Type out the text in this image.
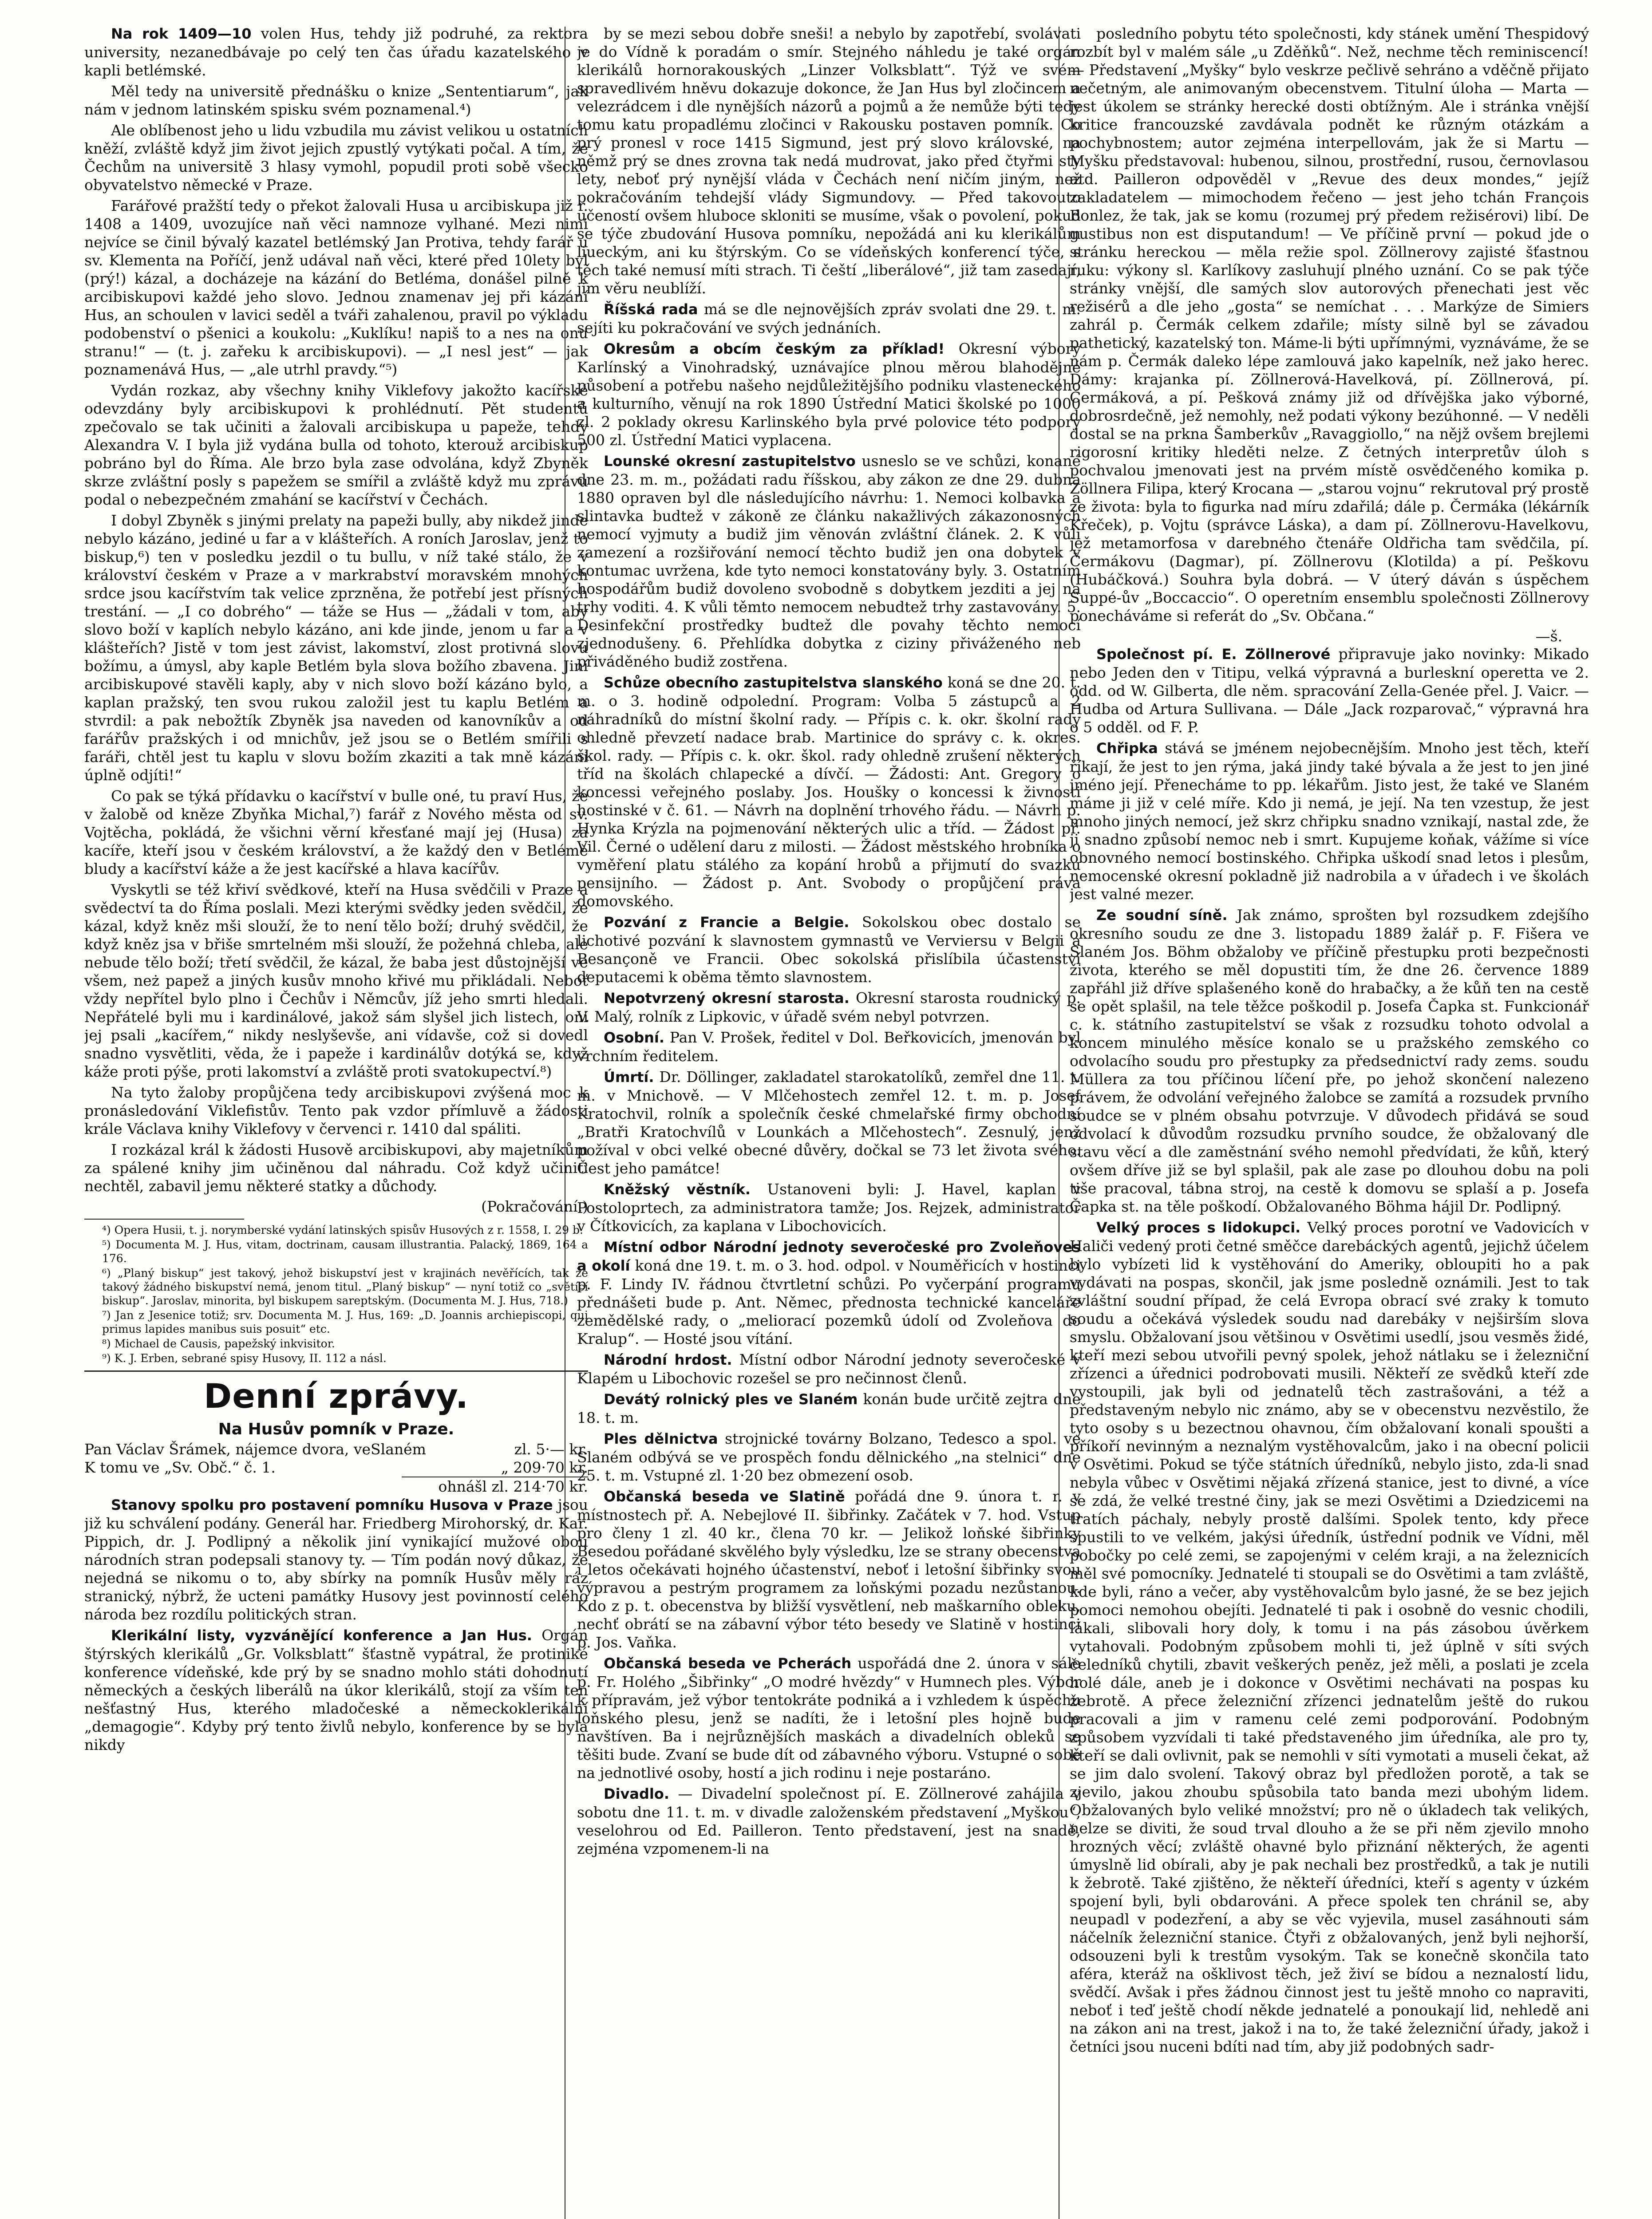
Na rok 1409—10 volen Hus, tehdy již podruhé, za rektora university, nezanedbávaje po celý ten čas úřadu kazatelského v kapli betlémské.

Měl tedy na universitě přednášku o knize „Sententiarum“, jak nám v jednom latinském spisku svém poznamenal.⁴)

Ale oblíbenost jeho u lidu vzbudila mu závist velikou u ostatních kněží, zvláště když jim život jejich zpustlý vytýkati počal. A tím, že Čechům na universitě 3 hlasy vymohl, popudil proti sobě všecko obyvatelstvo německé v Praze.

Farářové pražští tedy o překot žalovali Husa u arcibiskupa již r. 1408 a 1409, uvozujíce naň věci namnoze vylhané. Mezi nimi nejvíce se činil bývalý kazatel betlémský Jan Protiva, tehdy farář u sv. Klementa na Poříčí, jenž udával naň věci, které před 10lety byl (prý!) kázal, a docházeje na kázání do Betléma, donášel pilně k arcibiskupovi každé jeho slovo. Jednou znamenav jej při kázání Hus, an schoulen v lavici seděl a tváři zahalenou, pravil po výkladu podobenství o pšenici a koukolu: „Kuklíku! napiš to a nes na onu stranu!“ — (t. j. zařeku k arcibiskupovi). — „I nesl jest“ — jak poznamenává Hus, — „ale utrhl pravdy.“⁵)

Vydán rozkaz, aby všechny knihy Viklefovy jakožto kacířské odevzdány byly arcibiskupovi k prohlédnutí. Pět studentů zpečovalo se tak učiniti a žalovali arcibiskupa u papeže, tehdy Alexandra V. I byla již vydána bulla od tohoto, kterouž arcibiskup pobráno byl do Říma. Ale brzo byla zase odvolána, když Zbyněk skrze zvláštní posly s papežem se smířil a zvláště když mu zprávu podal o nebezpečném zmahání se kacířství v Čechách.

I dobyl Zbyněk s jinými prelaty na papeži bully, aby nikdež jinde nebylo kázáno, jediné u far a v klášteřích. A roních Jaroslav, jenž to biskup,⁶) ten v posledku jezdil o tu bullu, v níž také stálo, že v království českém v Praze a v markrabství moravském mnohých srdce jsou kacířstvím tak velice zprzněna, že potřebí jest přísných trestání. — „I co dobrého“ — táže se Hus — „žádali v tom, aby slovo boží v kaplích nebylo kázáno, ani kde jinde, jenom u far a v klášteřích? Jistě v tom jest závist, lakomství, zlost protivná slovu božímu, a úmysl, aby kaple Betlém byla slova božího zbavena. Jiní arcibiskupové stavěli kaply, aby v nich slovo boží kázáno bylo, a kaplan pražský, ten svou rukou založil jest tu kaplu Betlém a stvrdil: a pak nebožtík Zbyněk jsa naveden od kanovníkův a od farářův pražských i od mnichův, jež jsou se o Betlém smířili s faráři, chtěl jest tu kaplu v slovu božím zkaziti a tak mně kázání úplně odjíti!“

Co pak se týká přídavku o kacířství v bulle oné, tu praví Hus, že v žalobě od kněze Zbyňka Michal,⁷) farář z Nového města od sv. Vojtěcha, pokládá, že všichni věrní křesťané mají jej (Husa) za kacíře, kteří jsou v českém království, a že každý den v Betlémě bludy a kacířství káže a že jest kacířské a hlava kacířův.

Vyskytli se též křiví svědkové, kteří na Husa svědčili v Praze a svědectví ta do Říma poslali. Mezi kterými svědky jeden svědčil, že kázal, když kněz mši slouží, že to není tělo boží; druhý svědčil, že když kněz jsa v břiše smrtelném mši slouží, že požehná chleba, ale nebude tělo boží; třetí svědčil, že kázal, že baba jest důstojnější ve všem, neż papež a jiných kusův mnoho křivé mu přikládali. Neboť vždy nepřítel bylo plno i Čechův i Němcův, jíž jeho smrti hledali. Nepřátelé byli mu i kardinálové, jakož sám slyšel jich listech, oni jej psali „kacířem,“ nikdy neslyševše, ani vídavše, což si dovedl snadno vysvětliti, věda, že i papeže i kardinálův dotýká se, když káže proti pýše, proti lakomství a zvláště proti svatokupectví.⁸)

Na tyto žaloby propůjčena tedy arcibiskupovi zvýšená moc k pronásledování Viklefistův. Tento pak vzdor přímluvě a žádosti krále Václava knihy Viklefovy v červenci r. 1410 dal spáliti.

I rozkázal král k žádosti Husově arcibiskupovi, aby majetníkům za spálené knihy jim učiněnou dal náhradu. Což když učiniti nechtěl, zabavil jemu některé statky a důchody.

(Pokračování.)

⁴) Opera Husii, t. j. norymberské vydání latinských spisův Husových z r. 1558, I. 29 b.

⁵) Documenta M. J. Hus, vitam, doctrinam, causam illustrantia. Palacký, 1869, 164 a 176.

⁶) „Planý biskup“ jest takový, jehož biskupství jest v krajinách nevěřících, tak že takový žádného biskupství nemá, jenom titul. „Planý biskup“ — nyní totiž co „světící biskup“. Jaroslav, minorita, byl biskupem sareptským. (Documenta M. J. Hus, 718.)

⁷) Jan z Jesenice totiž; srv. Documenta M. J. Hus, 169: „D. Joannis archiepiscopi, qui primus lapides manibus suis posuit“ etc.

⁸) Michael de Causis, papežský inkvisitor.

⁹) K. J. Erben, sebrané spisy Husovy, II. 112 a násl.

Denní zprávy.
Na Husův pomník v Praze.
Pan Václav Šrámek, nájemce dvora, veSlaném	zl. 5·— kr.
K tomu ve „Sv. Obč.“ č. 1.	„ 209·70 kr.
ohnášl zl. 214·70 kr.

Stanovy spolku pro postavení pomníku Husova v Praze jsou již ku schválení podány. Generál har. Friedberg Mirohorský, dr. Kar. Pippich, dr. J. Podlipný a několik jiní vynikající mužové obou národních stran podepsali stanovy ty. — Tím podán nový důkaz, že nejedná se nikomu o to, aby sbírky na pomník Husův měly ráz stranický, nýbrž, že ucteni památky Husovy jest povinností celého národa bez rozdílu politických stran.

Klerikální listy, vyzvánějící konference a Jan Hus. Orgán štýrských klerikálů „Gr. Volksblatt“ šťastně vypátral, že protiniké konference vídeňské, kde prý by se snadno mohlo státi dohodnutí německých a českých liberálů na úkor klerikálů, stojí za vším ten nešťastný Hus, kterého mladočeské a německoklerikální „demagogie“. Kdyby prý tento živlů nebylo, konference by se byla nikdy

by se mezi sebou dobře sneši! a nebylo by zapotřebí, svolávati je do Vídně k poradám o smír. Stejného náhledu je také orgán klerikálů hornorakouských „Linzer Volksblatt“. Týž ve svém spravedlivém hněvu dokazuje dokonce, že Jan Hus byl zločincem a velezrádcem i dle nynějších názorů a pojmů a že nemůže býti tedy tomu katu propadlému zločinci v Rakousku postaven pomník. Co prý pronesl v roce 1415 Sigmund, jest prý slovo královské, na němž prý se dnes zrovna tak nedá mudrovat, jako před čtyřmi sty lety, neboť prý nynější vláda v Čechách není ničím jiným, než pokračováním tehdejší vlády Sigmundovy. — Před takovouto učeností ovšem hluboce skloniti se musíme, však o povolení, pokud se týče zbudování Husova pomníku, nepožádá ani ku klerikálům liueckým, ani ku štýrským. Co se vídeňských konferencí týče, s těch také nemusí míti strach. Ti čeští „liberálové“, již tam zasedají, jim věru neublíží.

Říšská rada má se dle nejnovějších zpráv svolati dne 29. t. m. sejíti ku pokračování ve svých jednáních.

Okresům a obcím českým za příklad! Okresní výbory Karlínský a Vinohradský, uznávajíce plnou měrou blahodějné působení a potřebu našeho nejdůležitějšího podniku vlasteneckého a kulturního, věnují na rok 1890 Ústřední Matici školské po 1000 zl. 2 poklady okresu Karlinského byla prvé polovice této podpory 500 zl. Ústřední Matici vyplacena.

Lounské okresní zastupitelstvo usneslo se ve schůzi, konané dne 23. m. m., požádati radu říšskou, aby zákon ze dne 29. dubna 1880 opraven byl dle následujícího návrhu: 1. Nemoci kolbavka a slintavka budtež v zákoně ze článku nakažlivých zákazonosných nemocí vyjmuty a budiž jim věnován zvláštní článek. 2. K vůli zamezení a rozšiřování nemocí těchto budiž jen ona dobytek v kontumac uvržena, kde tyto nemoci konstatovány byly. 3. Ostatním hospodářům budiž dovoleno svobodně s dobytkem jezditi a jej na trhy voditi. 4. K vůli těmto nemocem nebudtež trhy zastavovány. 5. Desinfekční prostředky budtež dle povahy těchto nemocí zjednodušeny. 6. Přehlídka dobytka z ciziny přiváženého neb přiváděného budiž zostřena.

Schůze obecního zastupitelstva slanského koná se dne 20. t. m. o 3. hodině odpolední. Program: Volba 5 zástupců a 2 náhradníků do místní školní rady. — Přípis c. k. okr. školní rady ohledně převzetí nadace brab. Martinice do správy c. k. okres. škol. rady. — Přípis c. k. okr. škol. rady ohledně zrušení některých tříd na školách chlapecké a dívčí. — Žádosti: Ant. Gregory o koncessi veřejného poslaby. Jos. Houšky o koncessi k živnosti hostinské v č. 61. — Návrh na doplnění trhového řádu. — Návrh p. Hynka Krýzla na pojmenování některých ulic a tříd. — Žádost př. Vil. Černé o udělení daru z milosti. — Žádost městského hrobníka o vyměření platu stálého za kopání hrobů a přijmutí do svazku pensijního. — Žádost p. Ant. Svobody o propůjčení práva domovského.

Pozvání z Francie a Belgie. Sokolskou obec dostalo se lichotivé pozvání k slavnostem gymnastů ve Verviersu v Belgii a Besançoně ve Francii. Obec sokolská přislíbila účastenství deputacemi k oběma těmto slavnostem.

Nepotvrzený okresní starosta. Okresní starosta roudnický p. V. Malý, rolník z Lipkovic, v úřadě svém nebyl potvrzen.

Osobní. Pan V. Prošek, ředitel v Dol. Beřkovicích, jmenován byl vrchním ředitelem.

Úmrtí. Dr. Döllinger, zakladatel starokatolíků, zemřel dne 11. t. m. v Mnichově. — V Mlčehostech zemřel 12. t. m. p. Josef Kratochvil, rolník a společník české chmelařské firmy obchodní „Bratři Kratochvílů v Lounkách a Mlčehostech“. Zesnulý, jenž požíval v obci velké obecné důvěry, dočkal se 73 let života svého. Čest jeho památce!

Kněžský věstník. Ustanoveni byli: J. Havel, kaplan v Postoloprtech, za administratora tamže; Jos. Rejzek, administrator v Čítkovicích, za kaplana v Libochovicích.

Místní odbor Národní jednoty severočeské pro Zvoleňoves a okolí koná dne 19. t. m. o 3. hod. odpol. v Nouměřicích v hostinci p. F. Lindy IV. řádnou čtvrtletní schůzi. Po vyčerpání programu přednášeti bude p. Ant. Němec, přednosta technické kanceláře zemědělské rady, o „meliorací pozemků údolí od Zvoleňova do Kralup“. — Hosté jsou vítání.

Národní hrdost. Místní odbor Národní jednoty severočeské v Klapém u Libochovic rozešel se pro nečinnost členů.

Devátý rolnický ples ve Slaném konán bude určitě zejtra dne 18. t. m.

Ples dělnictva strojnické továrny Bolzano, Tedesco a spol. ve Slaném odbývá se ve prospěch fondu dělnického „na stelnici“ dne 25. t. m. Vstupné zl. 1·20 bez obmezení osob.

Občanská beseda ve Slatině pořádá dne 9. února t. r. v místnostech př. A. Nebejlové II. šibřinky. Začátek v 7. hod. Vstup pro členy 1 zl. 40 kr., člena 70 kr. — Jelikož loňské šibřinky Besedou pořádané skvělého byly výsledku, lze se strany obecenstva i letos očekávati hojného účastenství, neboť i letošní šibřinky svou výpravou a pestrým programem za loňskými pozadu nezůstanou. Kdo z p. t. obecenstva by bližší vysvětlení, neb maškarního obleku, nechť obrátí se na zábavní výbor této besedy ve Slatině v hostinci p. Jos. Vaňka.

Občanská beseda ve Pcherách uspořádá dne 2. února v sále p. Fr. Holého „Šibřinky“ „O modré hvězdy“ v Humnech ples. Výbor k přípravám, jež výbor tentokráte podniká a i vzhledem k úspěchu loňského plesu, jenž se nadíti, že i letošní ples hojně bude navštíven. Ba i nejrůznějších maskách a divadelních obleků se těšiti bude. Zvaní se bude dít od zábavného výboru. Vstupné o sobě na jednotlivé osoby, hostí a jich rodinu i neje postaráno.

Divadlo. — Divadelní společnost pí. E. Zöllnerové zahájila v sobotu dne 11. t. m. v divadle založenském představení „Myškou“, veselohrou od Ed. Pailleron. Tento představení, jest na snadě, zejména vzpomenem-li na

posledního pobytu této společnosti, kdy stánek umění Thespidový rozbít byl v malém sále „u Zděňků“. Než, nechme těch reminiscencí! — Představení „Myšky“ bylo veskrze pečlivě sehráno a vděčně přijato nečetným, ale animovaným obecenstvem. Titulní úloha — Marta — jest úkolem se stránky herecké dosti obtížným. Ale i stránka vnější kritice francouzské zavdávala podnět ke různým otázkám a pochybnostem; autor zejména interpellovám, jak že si Martu — Myšku představoval: hubenou, silnou, prostřední, rusou, černovlasou atd. Pailleron odpověděl v „Revue des deux mondes,“ jejíž zakladatelem — mimochodem řečeno — jest jeho tchán François Bonlez, že tak, jak se komu (rozumej prý předem režisérovi) libí. De gustibus non est disputandum! — Ve příčině první — pokud jde o stránku hereckou — měla režie spol. Zöllnerovy zajisté šťastnou ruku: výkony sl. Karlíkovy zasluhují plného uznání. Co se pak týče stránky vnější, dle samých slov autorových přenechati jest věc režisérů a dle jeho „gosta“ se nemíchat . . . Markýze de Simiers zahrál p. Čermák celkem zdařile; místy silně byl se závadou pathetický, kazatelský ton. Máme-li býti upřímnými, vyznáváme, že se nám p. Čermák daleko lépe zamlouvá jako kapelník, než jako herec. Dámy: krajanka pí. Zöllnerová-Havelková, pí. Zöllnerová, pí. Čermáková, a pí. Pešková známy již od dřívějška jako výborné, dobrosrdečně, jež nemohly, než podati výkony bezúhonné. — V neděli dostal se na prkna Šamberkův „Ravaggiollo,“ na nějž ovšem brejlemi rigorosní kritiky hleděti nelze. Z četných interpretův úloh s pochvalou jmenovati jest na prvém místě osvědčeného komika p. Zöllnera Filipa, který Krocana — „starou vojnu“ rekrutoval prý prostě ze života: byla to figurka nad míru zdařilá; dále p. Čermáka (lékárník Křeček), p. Vojtu (správce Láska), a dam pí. Zöllnerovu-Havelkovu, jež metamorfosa v darebného čtenáře Oldřicha tam svědčila, pí. Čermákovu (Dagmar), pí. Zöllnerovu (Klotilda) a pí. Peškovu (Hubáčková.) Souhra byla dobrá. — V úterý dáván s úspěchem Suppé-ův „Boccaccio“. O operetním ensemblu společnosti Zöllnerovy ponecháváme si referát do „Sv. Občana.“

—š.

Společnost pí. E. Zöllnerové připravuje jako novinky: Mikado nebo Jeden den v Titipu, velká výpravná a burleskní operetta ve 2. odd. od W. Gilberta, dle něm. spracování Zella-Genée přel. J. Vaicr. — Hudba od Artura Sullivana. — Dále „Jack rozparovač,“ výpravná hra o 5 odděl. od F. P.

Chřipka stává se jménem nejobecnějším. Mnoho jest těch, kteří říkají, že jest to jen rýma, jaká jindy také bývala a že jest to jen jiné jméno její. Přenecháme to pp. lékařům. Jisto jest, že také ve Slaném máme ji již v celé míře. Kdo ji nemá, je její. Na ten vzestup, že jest mnoho jiných nemocí, jež skrz chřipku snadno vznikají, nastal zde, že ji snadno způsobí nemoc neb i smrt. Kupujeme koňak, vážíme si více obnovného nemocí bostinského. Chřipka uškodí snad letos i plesům, nemocenské okresní pokladně již nadrobila a v úřadech i ve školách jest valné mezer.

Ze soudní síně. Jak známo, sprošten byl rozsudkem zdejšího okresního soudu ze dne 3. listopadu 1889 žalář p. F. Fišera ve Slaném Jos. Böhm obžaloby ve příčině přestupku proti bezpečnosti života, kterého se měl dopustiti tím, že dne 26. července 1889 zapřáhl již dříve splašeného koně do hrabačky, a že kůň ten na cestě se opět splašil, na tele těžce poškodil p. Josefa Čapka st. Funkcionář c. k. státního zastupitelství se však z rozsudku tohoto odvolal a koncem minulého měsíce konalo se u pražského zemského co odvolacího soudu pro přestupky za předsednictví rady zems. soudu Müllera za tou příčinou líčení pře, po jehož skončení nalezeno právem, že odvolání veřejného žalobce se zamítá a rozsudek prvního soudce se v plném obsahu potvrzuje. V důvodech přidává se soud odvolací k důvodům rozsudku prvního soudce, že obžalovaný dle stavu věcí a dle zaměstnání svého nemohl předvídati, že kůň, který ovšem dříve již se byl splašil, pak ale zase po dlouhou dobu na poli tiše pracoval, tábna stroj, na cestě k domovu se splaší a p. Josefa Čapka st. na těle poškodí. Obžalovaného Böhma hájil Dr. Podlipný.

Velký proces s lidokupci. Velký proces porotní ve Vadovicích v Haliči vedený proti četné směčce darebáckých agentů, jejichž účelem bylo vybízeti lid k vystěhování do Ameriky, obloupiti ho a pak vydávati na pospas, skončil, jak jsme posledně oznámili. Jest to tak zvláštní soudní případ, že celá Evropa obrací své zraky k tomuto soudu a očekává výsledek soudu nad darebáky v nejširším slova smyslu. Obžalovaní jsou většinou v Osvětimi usedlí, jsou vesměs židé, kteří mezi sebou utvořili pevný spolek, jehož nátlaku se i železniční zřízenci a úřednici podrobovati musili. Někteří ze svědků kteří zde vystoupili, jak byli od jednatelů těch zastrašováni, a též a představeným nebylo nic známo, aby se v obecenstvu nezvěstilo, že tyto osoby s u bezectnou ohavnou, čím obžalovaní konali spoušti a příkoří nevinným a neznalým vystěhovalcům, jako i na obecní policii v Osvětimi. Pokud se týče státních úředníků, nebylo jisto, zda-li snad nebyla vůbec v Osvětimi nějaká zřízená stanice, jest to divné, a více se zdá, že velké trestné činy, jak se mezi Osvětimi a Dziedzicemi na tratích páchaly, nebyly prostě dalšími. Spolek tento, kdy přece spustili to ve velkém, jakýsi úředník, ústřední podnik ve Vídni, měl pobočky po celé zemi, se zapojenými v celém kraji, a na železnicích měl své pomocníky. Jednatelé ti stoupali se do Osvětimi a tam zvláště, kde byli, ráno a večer, aby vystěhovalcům bylo jasné, že se bez jejich pomoci nemohou obejíti. Jednatelé ti pak i osobně do vesnic chodili, lákali, slibovali hory doly, k tomu i na pás zásobou úvěrkem vytahovali. Podobným způsobem mohli ti, jež úplně v síti svých čeledníků chytili, zbavit veškerých peněz, jež měli, a poslati je zcela holé dále, aneb je i dokonce v Osvětimi nechávati na pospas ku žebrotě. A přece železniční zřízenci jednatelům ještě do rukou pracovali a jim v ramenu celé zemi podporování. Podobným způsobem vyzvídali ti také představeného jim úředníka, ale pro ty, kteří se dali ovlivnit, pak se nemohli v síti vymotati a museli čekat, až se jim dalo svolení. Takový obraz byl předložen porotě, a tak se zjevilo, jakou zhoubu spůsobila tato banda mezi ubohým lidem. Obžalovaných bylo veliké množství; pro ně o úkladech tak velikých, nelze se diviti, že soud trval dlouho a že se při něm zjevilo mnoho hrozných věcí; zvláště ohavné bylo přiznání některých, že agenti úmyslně lid obírali, aby je pak nechali bez prostředků, a tak je nutili k žebrotě. Také zjištěno, že někteří úředníci, kteří s agenty v úzkém spojení byli, byli obdarováni. A přece spolek ten chránil se, aby neupadl v podezření, a aby se věc vyjevila, musel zasáhnouti sám náčelník železniční stanice. Čtyři z obžalovaných, jenž byli nejhorší, odsouzeni byli k trestům vysokým. Tak se konečně skončila tato aféra, kteráž na ošklivost těch, jež živí se bídou a neznalostí lidu, svědčí. Avšak i přes žádnou činnost jest tu ještě mnoho co napraviti, neboť i teď ještě chodí někde jednatelé a ponoukají lid, nehledě ani na zákon ani na trest, jakož i na to, že také železniční úřady, jakož i četníci jsou nuceni bdíti nad tím, aby již podobných sadr-
